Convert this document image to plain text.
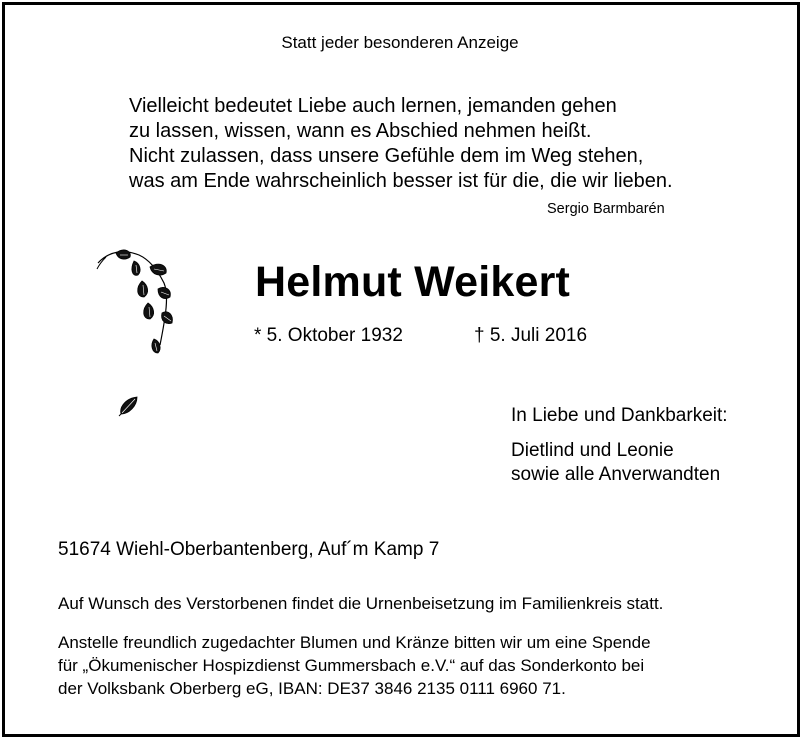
Statt jeder besonderen Anzeige
Vielleicht bedeutet Liebe auch lernen, jemanden gehen
zu lassen, wissen, wann es Abschied nehmen heißt.
Nicht zulassen, dass unsere Gefühle dem im Weg stehen,
was am Ende wahrscheinlich besser ist für die, die wir lieben.
Sergio Barmbarén
Helmut Weikert
* 5. Oktober 1932	† 5. Juli 2016
In Liebe und Dankbarkeit:
Dietlind und Leonie
sowie alle Anverwandten
51674 Wiehl-Oberbantenberg, Auf´m Kamp 7
Auf Wunsch des Verstorbenen findet die Urnenbeisetzung im Familienkreis statt.
Anstelle freundlich zugedachter Blumen und Kränze bitten wir um eine Spende
für „Ökumenischer Hospizdienst Gummersbach e.V.“ auf das Sonderkonto bei
der Volksbank Oberberg eG, IBAN: DE37 3846 2135 0111 6960 71.
